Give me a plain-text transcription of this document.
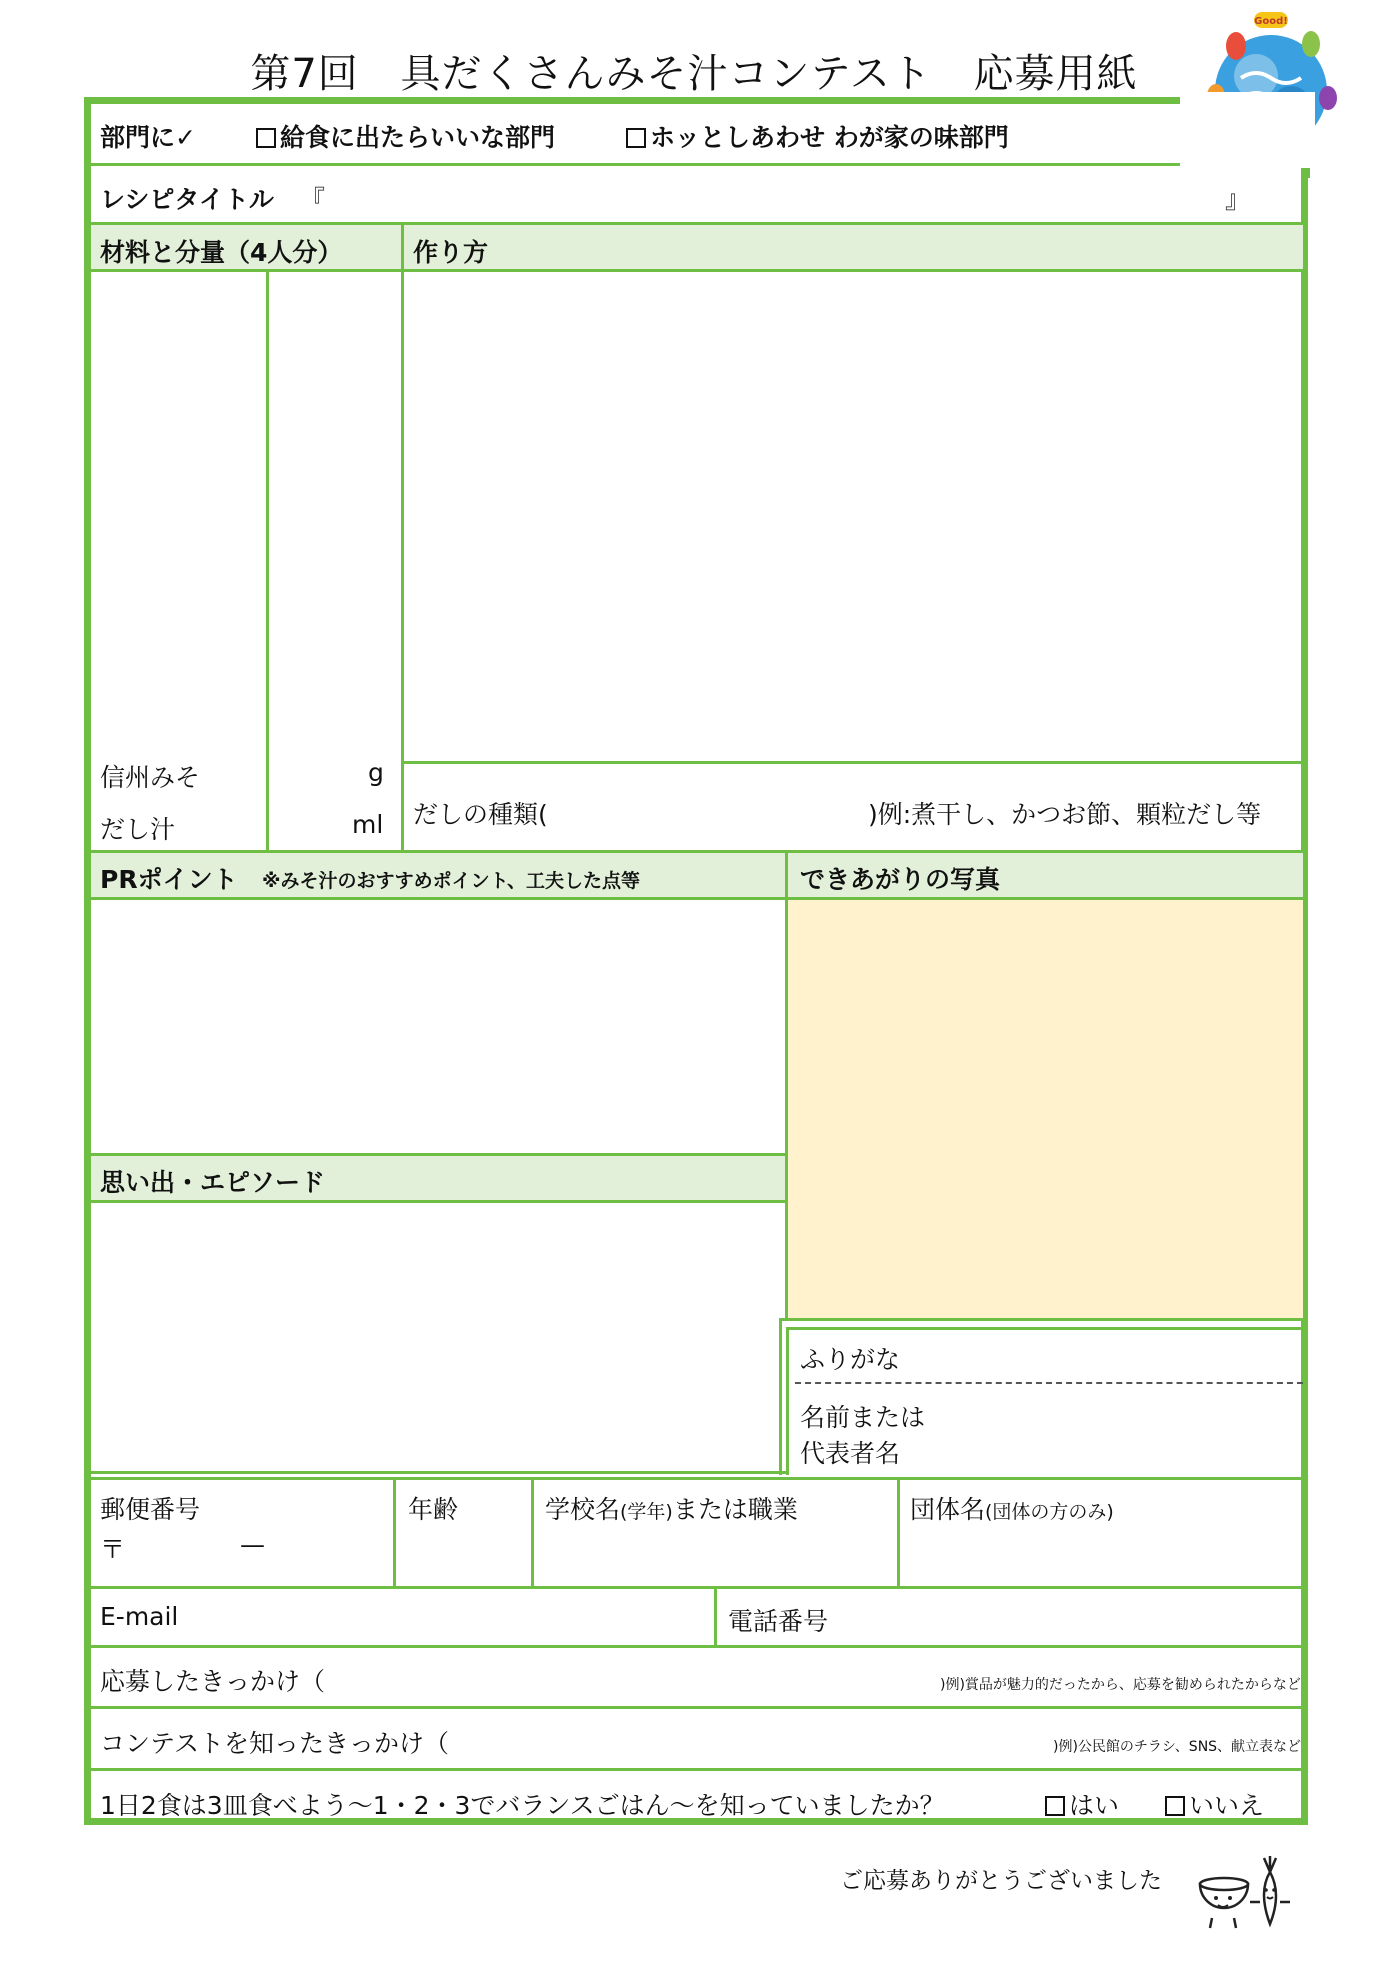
第7回 具だくさんみそ汁コンテスト 応募用紙
Good!
部門に✓	給食に出たらいいな部門	ホッとしあわせ わが家の味部門
レシピタイトル 『	』
材料と分量（4人分）	作り方
信州みそ	g
だし汁	ml だしの種類(	)例:煮干し、かつお節、顆粒だし等
PRポイント ※みそ汁のおすすめポイント、工夫した点等	できあがりの写真
思い出・エピソード
ふりがな
名前または
代表者名
郵便番号
〒	—
年齢	学校名(学年)または職業	団体名(団体の方のみ)
E-mail	電話番号
応募したきっかけ（	)例)賞品が魅力的だったから、応募を勧められたからなど
コンテストを知ったきっかけ（	)例)公民館のチラシ、SNS、献立表など
1日2食は3皿食べよう～1・2・3でバランスごはん～を知っていましたか？	はい	いいえ
ご応募ありがとうございました
